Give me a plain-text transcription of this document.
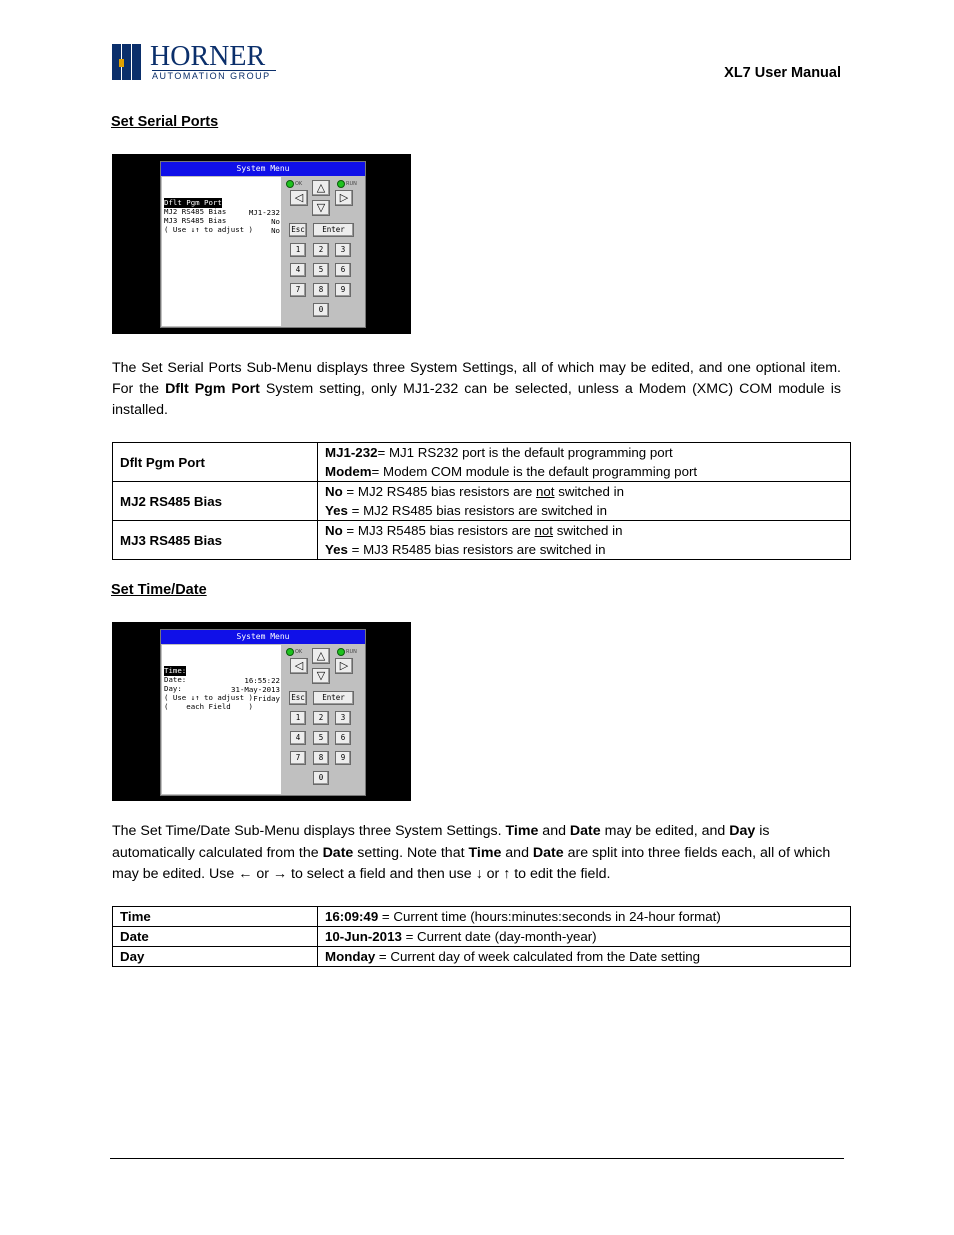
HORNER
AUTOMATION GROUP	XL7 User Manual
Set Serial Ports
System Menu

Dflt Pgm Port

MJ1-232

MJ2 RS485 Bias

No

MJ3 RS485 Bias

No

( Use ↓↑ to adjust )
OK	RUN
△
◁	▷
▽
Esc	Enter
1	2	3
4	5	6
7	8	9
0
The Set Serial Ports Sub-Menu displays three System Settings, all of which may be edited, and one optional item. For the Dflt Pgm Port System setting, only MJ1-232 can be selected, unless a Modem (XMC) COM module is installed.
Dflt Pgm Port	MJ1-232= MJ1 RS232 port is the default programming port
Modem= Modem COM module is the default programming port

MJ2 RS485 Bias	No = MJ2 RS485 bias resistors are not switched in
Yes = MJ2 RS485 bias resistors are switched in

MJ3 RS485 Bias	No = MJ3 R5485 bias resistors are not switched in
Yes = MJ3 R5485 bias resistors are switched in
Set Time/Date
System Menu

Time:

16:55:22

Date:

31-May-2013

Day:

Friday

( Use ↓↑ to adjust )
(    each Field    )
OK	RUN
△
◁	▷
▽
Esc	Enter
1	2	3
4	5	6
7	8	9
0
The Set Time/Date Sub-Menu displays three System Settings. Time and Date may be edited, and Day is automatically calculated from the Date setting. Note that Time and Date are split into three fields each, all of which may be edited. Use ← or → to select a field and then use ↓ or ↑ to edit the field.
Time	16:09:49 = Current time (hours:minutes:seconds in 24-hour format)
Date	10-Jun-2013 = Current date (day-month-year)
Day	Monday = Current day of week calculated from the Date setting
